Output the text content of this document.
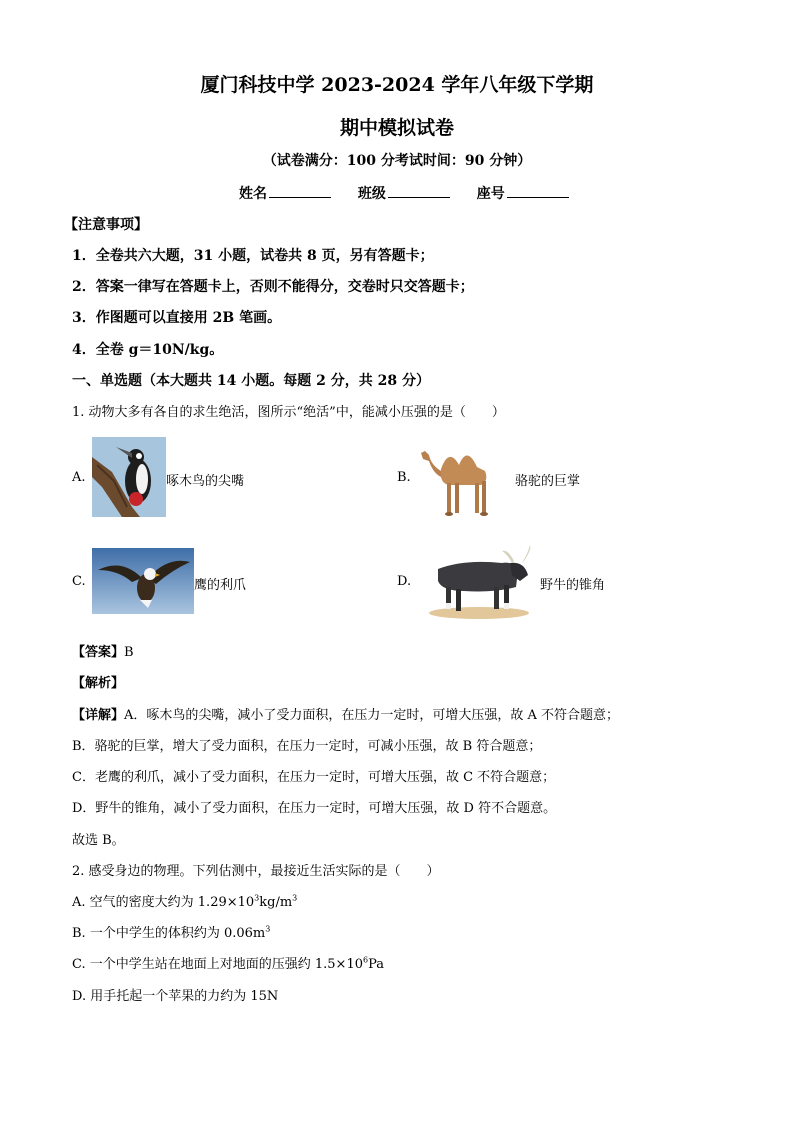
厦门科技中学 2023-2024 学年八年级下学期
期中模拟试卷
（试卷满分：100 分考试时间：90 分钟）
姓名	班级	座号
【注意事项】
1．全卷共六大题，31 小题，试卷共 8 页，另有答题卡；
2．答案一律写在答题卡上，否则不能得分，交卷时只交答题卡；
3．作图题可以直接用 2B 笔画。
4．全卷 g＝10N/kg。
一、单选题（本大题共 14 小题。每题 2 分，共 28 分）
1. 动物大多有各自的求生绝活，图所示“绝活”中，能减小压强的是（　　）
A.	啄木鸟的尖嘴	B.	骆驼的巨掌
C.	鹰的利爪	D.	野牛的锥角
【答案】B
【解析】
【详解】A．啄木鸟的尖嘴，减小了受力面积，在压力一定时，可增大压强，故 A 不符合题意；
B．骆驼的巨掌，增大了受力面积，在压力一定时，可减小压强，故 B 符合题意；
C．老鹰的利爪，减小了受力面积，在压力一定时，可增大压强，故 C 不符合题意；
D．野牛的锥角，减小了受力面积，在压力一定时，可增大压强，故 D 符不合题意。
故选 B。
2. 感受身边的物理。下列估测中，最接近生活实际的是（　　）
A. 空气的密度大约为 $1.29\times 10^3kg/m^3$
B. 一个中学生的体积约为 $0.06m^3$
C. 一个中学生站在地面上对地面的压强约 $1.5\times 10^6Pa$
D. 用手托起一个苹果的力约为 15N
